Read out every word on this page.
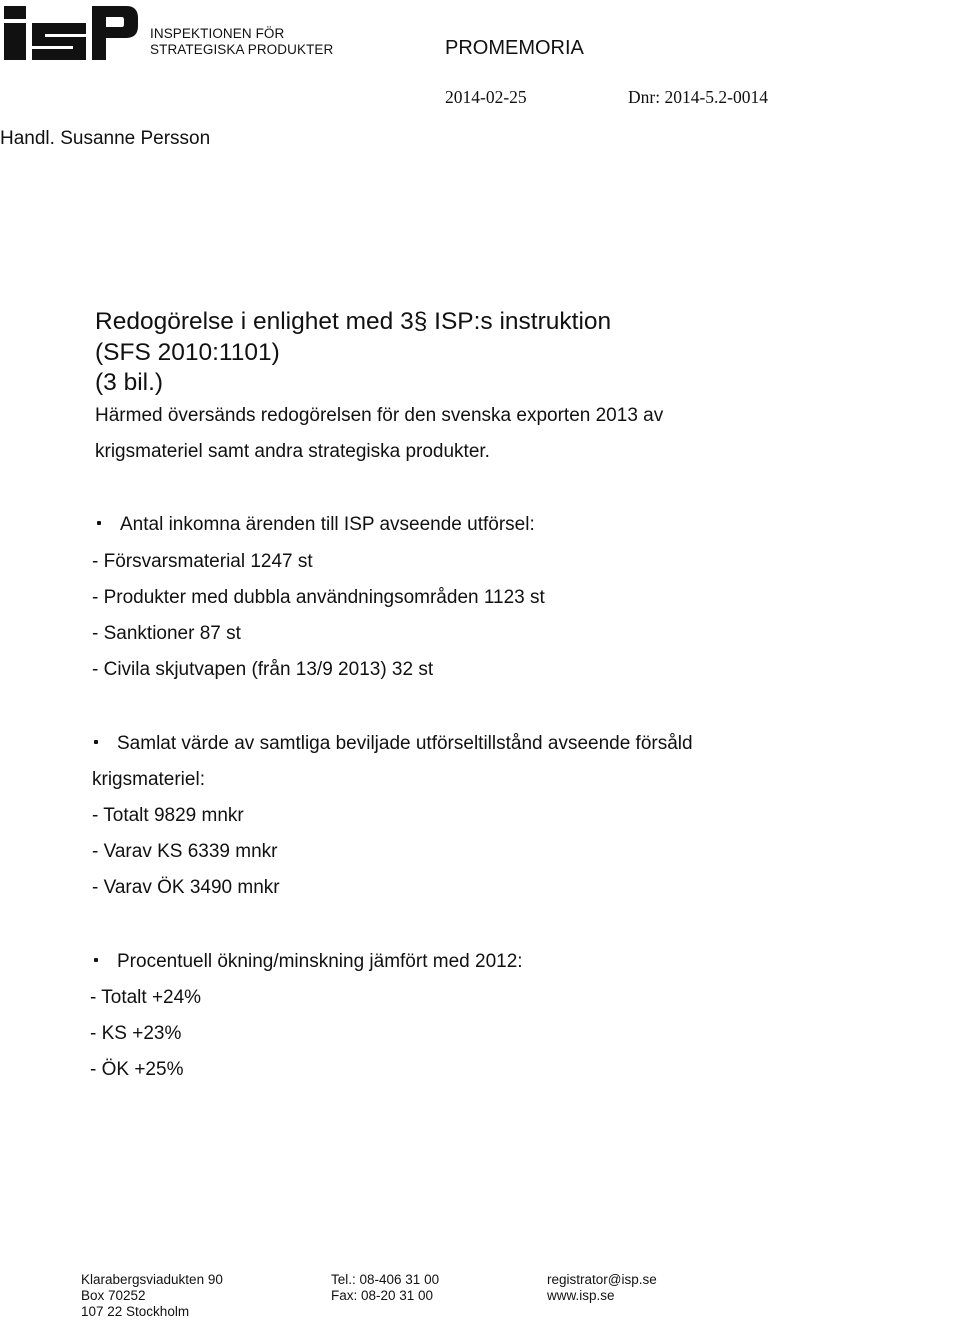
INSPEKTIONEN FÖR
STRATEGISKA PRODUKTER	PROMEMORIA
2014-02-25	Dnr: 2014-5.2-0014
Handl. Susanne Persson
Redogörelse i enlighet med 3§ ISP:s instruktion
(SFS 2010:1101)
(3 bil.)
Härmed översänds redogörelsen för den svenska exporten 2013 av
krigsmateriel samt andra strategiska produkter.
Antal inkomna ärenden till ISP avseende utförsel:
- Försvarsmaterial 1247 st
- Produkter med dubbla användningsområden 1123 st
- Sanktioner 87 st
- Civila skjutvapen (från 13/9 2013) 32 st
Samlat värde av samtliga beviljade utförseltillstånd avseende försåld
krigsmateriel:
- Totalt 9829 mnkr
- Varav KS 6339 mnkr
- Varav ÖK 3490 mnkr
Procentuell ökning/minskning jämfört med 2012:
- Totalt +24%
- KS +23%
- ÖK +25%
Klarabergsviadukten 90
Box 70252
107 22 Stockholm
Tel.: 08-406 31 00
Fax: 08-20 31 00
registrator@isp.se
www.isp.se
